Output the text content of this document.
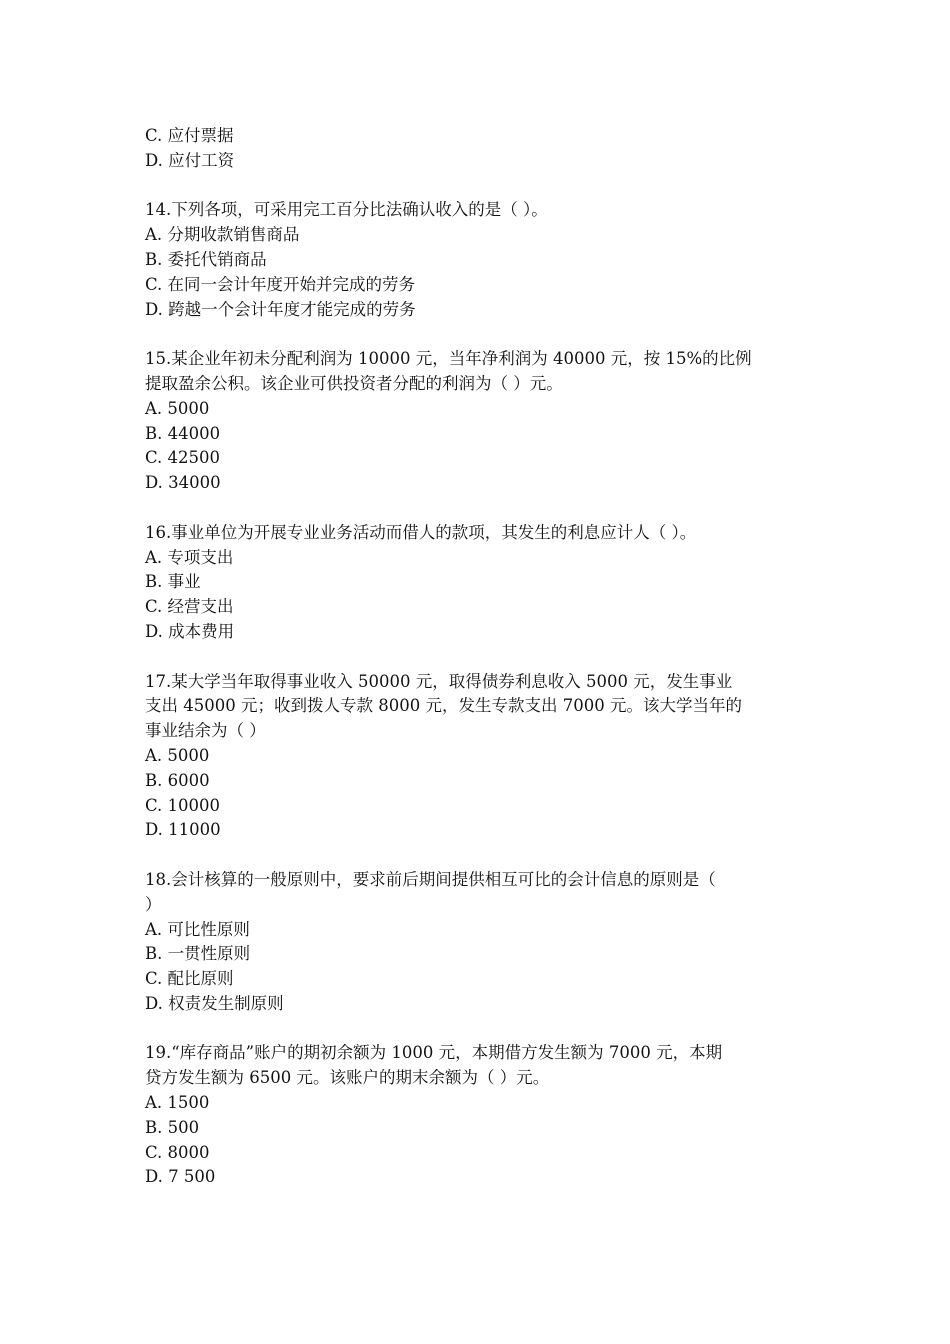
C. 应付票据

D. 应付工资

14.下列各项，可采用完工百分比法确认收入的是（ ）。

A. 分期收款销售商品

B. 委托代销商品

C. 在同一会计年度开始并完成的劳务

D. 跨越一个会计年度才能完成的劳务

15.某企业年初未分配利润为 10000 元，当年净利润为 40000 元，按 15%的比例

提取盈余公积。该企业可供投资者分配的利润为（ ）元。

A. 5000

B. 44000

C. 42500

D. 34000

16.事业单位为开展专业业务活动而借人的款项，其发生的利息应计人（ ）。

A. 专项支出

B. 事业

C. 经营支出

D. 成本费用

17.某大学当年取得事业收入 50000 元，取得债券利息收入 5000 元，发生事业

支出 45000 元；收到拨人专款 8000 元，发生专款支出 7000 元。该大学当年的

事业结余为（ ）

A. 5000

B. 6000

C. 10000

D. 11000

18.会计核算的一般原则中，要求前后期间提供相互可比的会计信息的原则是（

）

A. 可比性原则

B. 一贯性原则

C. 配比原则

D. 权责发生制原则

19.“库存商品”账户的期初余额为 1000 元，本期借方发生额为 7000 元，本期

贷方发生额为 6500 元。该账户的期末余额为（ ）元。

A. 1500

B. 500

C. 8000

D. 7 500
